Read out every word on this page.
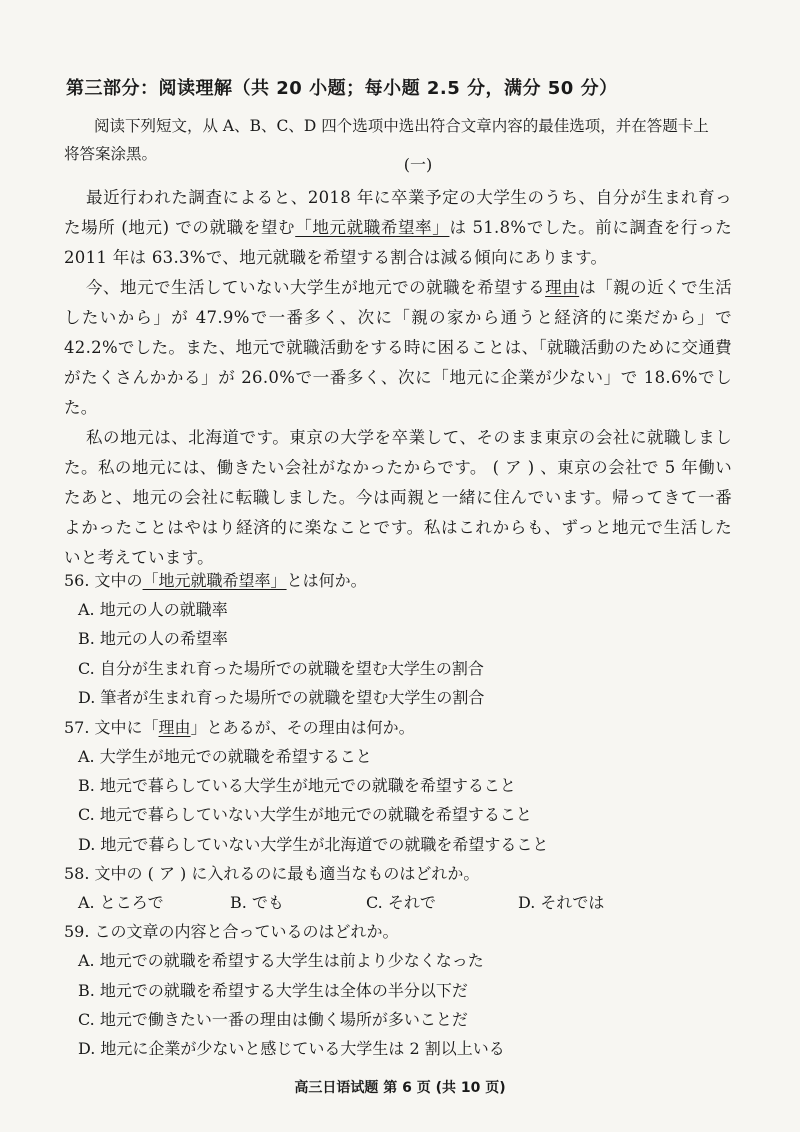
第三部分：阅读理解（共 20 小题；每小题 2.5 分，满分 50 分）

阅读下列短文，从 A、B、C、D 四个选项中选出符合文章内容的最佳选项，并在答题卡上将答案涂黑。

(一)

最近行われた調査によると、2018 年に卒業予定の大学生のうち、自分が生まれ育った場所 (地元) での就職を望む「地元就職希望率」は 51.8%でした。前に調査を行った 2011 年は 63.3%で、地元就職を希望する割合は減る傾向にあります。

今、地元で生活していない大学生が地元での就職を希望する理由は「親の近くで生活したいから」が 47.9%で一番多く、次に「親の家から通うと経済的に楽だから」で 42.2%でした。また、地元で就職活動をする時に困ることは、「就職活動のために交通費がたくさんかかる」が 26.0%で一番多く、次に「地元に企業が少ない」で 18.6%でした。

私の地元は、北海道です。東京の大学を卒業して、そのまま東京の会社に就職しました。私の地元には、働きたい会社がなかったからです。 ( ア ) 、東京の会社で 5 年働いたあと、地元の会社に転職しました。今は両親と一緒に住んでいます。帰ってきて一番よかったことはやはり経済的に楽なことです。私はこれからも、ずっと地元で生活したいと考えています。

56. 文中の「地元就職希望率」とは何か。

A. 地元の人の就職率

B. 地元の人の希望率

C. 自分が生まれ育った場所での就職を望む大学生の割合

D. 筆者が生まれ育った場所での就職を望む大学生の割合

57. 文中に「理由」とあるが、その理由は何か。

A. 大学生が地元での就職を希望すること

B. 地元で暮らしている大学生が地元での就職を希望すること

C. 地元で暮らしていない大学生が地元での就職を希望すること

D. 地元で暮らしていない大学生が北海道での就職を希望すること

58. 文中の ( ア ) に入れるのに最も適当なものはどれか。

A. ところで	B. でも	C. それで	D. それでは

59. この文章の内容と合っているのはどれか。

A. 地元での就職を希望する大学生は前より少なくなった

B. 地元での就職を希望する大学生は全体の半分以下だ

C. 地元で働きたい一番の理由は働く場所が多いことだ

D. 地元に企業が少ないと感じている大学生は 2 割以上いる

高三日语试题 第 6 页 (共 10 页)
